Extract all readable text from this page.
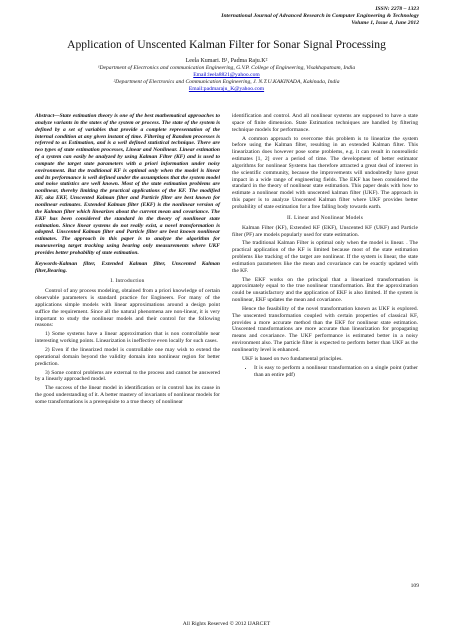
ISSN: 2278 – 1323
International Journal of Advanced Research in Computer Engineering & Technology
Volume 1, Issue 4, June 2012
Application of Unscented Kalman Filter for Sonar Signal Processing
Leela Kumari. B¹, Padma Raju.K²
¹Department of Electronics and communication Engineering, G.V.P. College of Engineering, Visakhapatnam, India
Email:leela8821@yahoo.com
²Department of Electronics and Communication Engineering, J. N.T.U.KAKINADA, Kakinada, India
Email:padmaraju_K@yahoo.com

Abstract—State estimation theory is one of the best mathematical approaches to analyze variants in the states of the system or process. The state of the system is defined by a set of variables that provide a complete representation of the internal condition at any given instant of time. Filtering of Random processes is referred to as Estimation, and is a well defined statistical technique. There are two types of state estimation processes, Linear and Nonlinear. Linear estimation of a system can easily be analyzed by using Kalman Filter (KF) and is used to compute the target state parameters with a priori information under noisy environment. But the traditional KF is optimal only when the model is linear and its performance is well defined under the assumptions that the system model and noise statistics are well known. Most of the state estimation problems are nonlinear, thereby limiting the practical applications of the KF. The modified KF, aka EKF, Unscented Kalman filter and Particle filter are best known for nonlinear estimates. Extended Kalman filter (EKF) is the nonlinear version of the Kalman filter which linearizes about the current mean and covariance. The EKF has been considered the standard in the theory of nonlinear state estimation. Since linear systems do not really exist, a novel transformation is adopted. Unscented Kalman filter and Particle filter are best known nonlinear estimates. The approach in this paper is to analyze the algorithm for maneuvering target tracking using bearing only measurements where UKF provides better probability of state estimation.

Keywords-Kalman filter, Extended Kalman filter, Unscented Kalman filter,Bearing.

I. Introduction

Control of any process modeling, obtained from a priori knowledge of certain observable parameters is standard practice for Engineers. For many of the applications simple models with linear approximations around a design point suffice the requirement. Since all the natural phenomena are non-linear, it is very important to study the nonlinear models and their control for the following reasons:

1) Some systems have a linear approximation that is non controllable near interesting working points. Linearization is ineffective even locally for such cases.

2) Even if the linearized model is controllable one may wish to extend the operational domain beyond the validity domain into nonlinear region for better prediction.

3) Some control problems are external to the process and cannot be answered by a linearly approached model.

The success of the linear model in identification or in control has its cause in the good understanding of it. A better mastery of invariants of nonlinear models for some transformations is a prerequisite to a true theory of nonlinear

identification and control. And all nonlinear systems are supposed to have a state space of finite dimension. State Estimation techniques are handled by filtering technique models for performance.

A common approach to overcome this problem is to linearize the system before using the Kalman filter, resulting in an extended Kalman filter. This linearization does however pose some problems, e.g. it can result in nonrealistic estimates [1, 2] over a period of time. The development of better estimator algorithms for nonlinear Systems has therefore attracted a great deal of interest in the scientific community, because the improvements will undoubtedly have great impact in a wide range of engineering fields. The EKF has been considered the standard in the theory of nonlinear state estimation. This paper deals with how to estimate a nonlinear model with unscented kalman filter (UKF). The approach in this paper is to analyze Unscented Kalman filter where UKF provides better probability of state estimation for a free falling body towards earth.

II. Linear and Nonlinear Models

Kalman Filter (KF), Extended KF (EKF), Unscented KF (UKF) and Particle filter (PF) are models popularly used for state estimation.

The traditional Kalman Filter is optimal only when the model is linear. . The practical application of the KF is limited because most of the state estimation problems like tracking of the target are nonlinear. If the system is linear, the state estimation parameters like the mean and covariance can be exactly updated with the KF.

The EKF works on the principal that a linearized transformation is approximately equal to the true nonlinear transformation. But the approximation could be unsatisfactory and the application of EKF is also limited. If the system is nonlinear, EKF updates the mean and covariance.

Hence the feasibility of the novel transformation known as UKF is explored. The unscented transformation coupled with certain properties of classical KF, provides a more accurate method than the EKF for nonlinear state estimation. Unscented transformations are more accurate than linearization for propagating means and covariance. The UKF performance is estimated better in a noisy environment also. The particle filter is expected to perform better than UKF as the nonlinearity level is enhanced.

UKF is based on two fundamental principles.

• It is easy to perform a nonlinear transformation on a single point (rather than an entire pdf)
109
All Rights Reserved © 2012 IJARCET
